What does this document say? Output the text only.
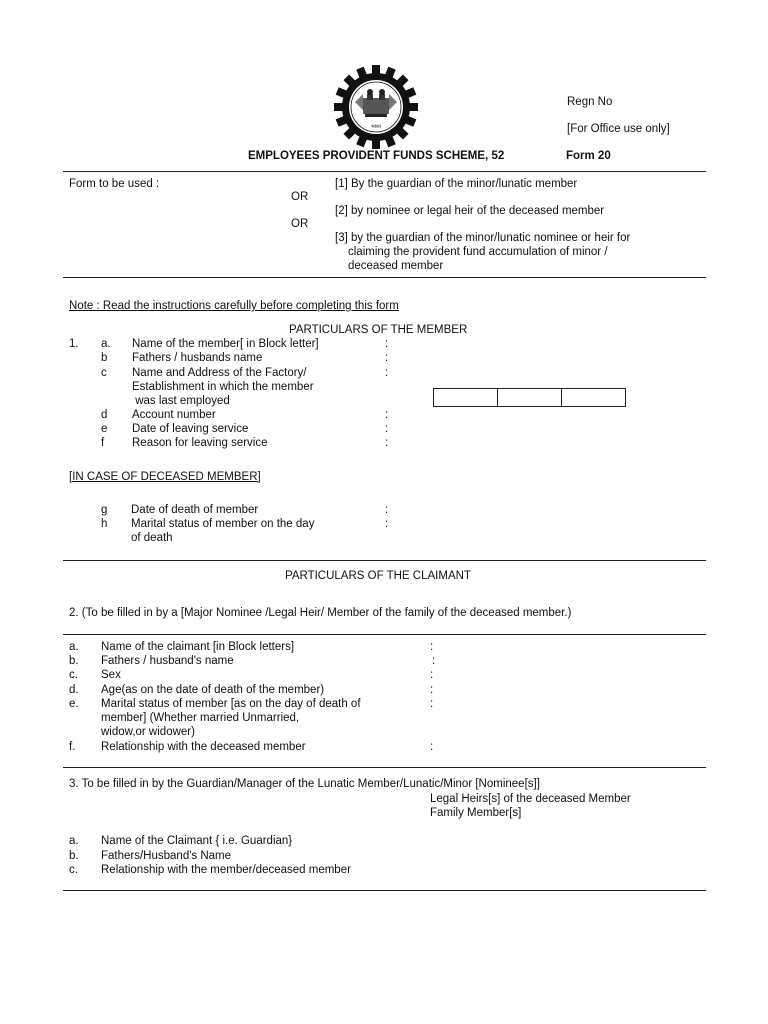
भारत
Regn No
[For Office use only]
EMPLOYEES PROVIDENT FUNDS SCHEME, 52	Form 20
Form to be used :	[1] By the guardian of the minor/lunatic member
OR
[2] by nominee or legal heir of the deceased member
OR
[3] by the guardian of the minor/lunatic nominee or heir for
claiming the provident fund accumulation of minor /
deceased member
Note : Read the instructions carefully before completing this form
PARTICULARS OF THE MEMBER
1. a. Name of the member[ in Block letter]	:
b Fathers / husbands name	:
c Name and Address of the Factory/
Establishment in which the member
was last employed
:
d Account number	:
e Date of leaving service	:
f Reason for leaving service	:
[IN CASE OF DECEASED MEMBER]
g Date of death of member	:
h Marital status of member on the day
of death
:
PARTICULARS OF THE CLAIMANT
2. (To be filled in by a [Major Nominee /Legal Heir/ Member of the family of the deceased member.)
a. Name of the claimant [in Block letters]	:
b. Fathers / husband's name	:
c. Sex	:
d. Age(as on the date of death of the member)	:
e. Marital status of member [as on the day of death of
member] (Whether married Unmarried,
widow,or widower)
:
f. Relationship with the deceased member	:
3. To be filled in by the Guardian/Manager of the Lunatic Member/Lunatic/Minor [Nominee[s]]
Legal Heirs[s] of the deceased Member
Family Member[s]
a. Name of the Claimant { i.e. Guardian}
b. Fathers/Husband's Name
c. Relationship with the member/deceased member
